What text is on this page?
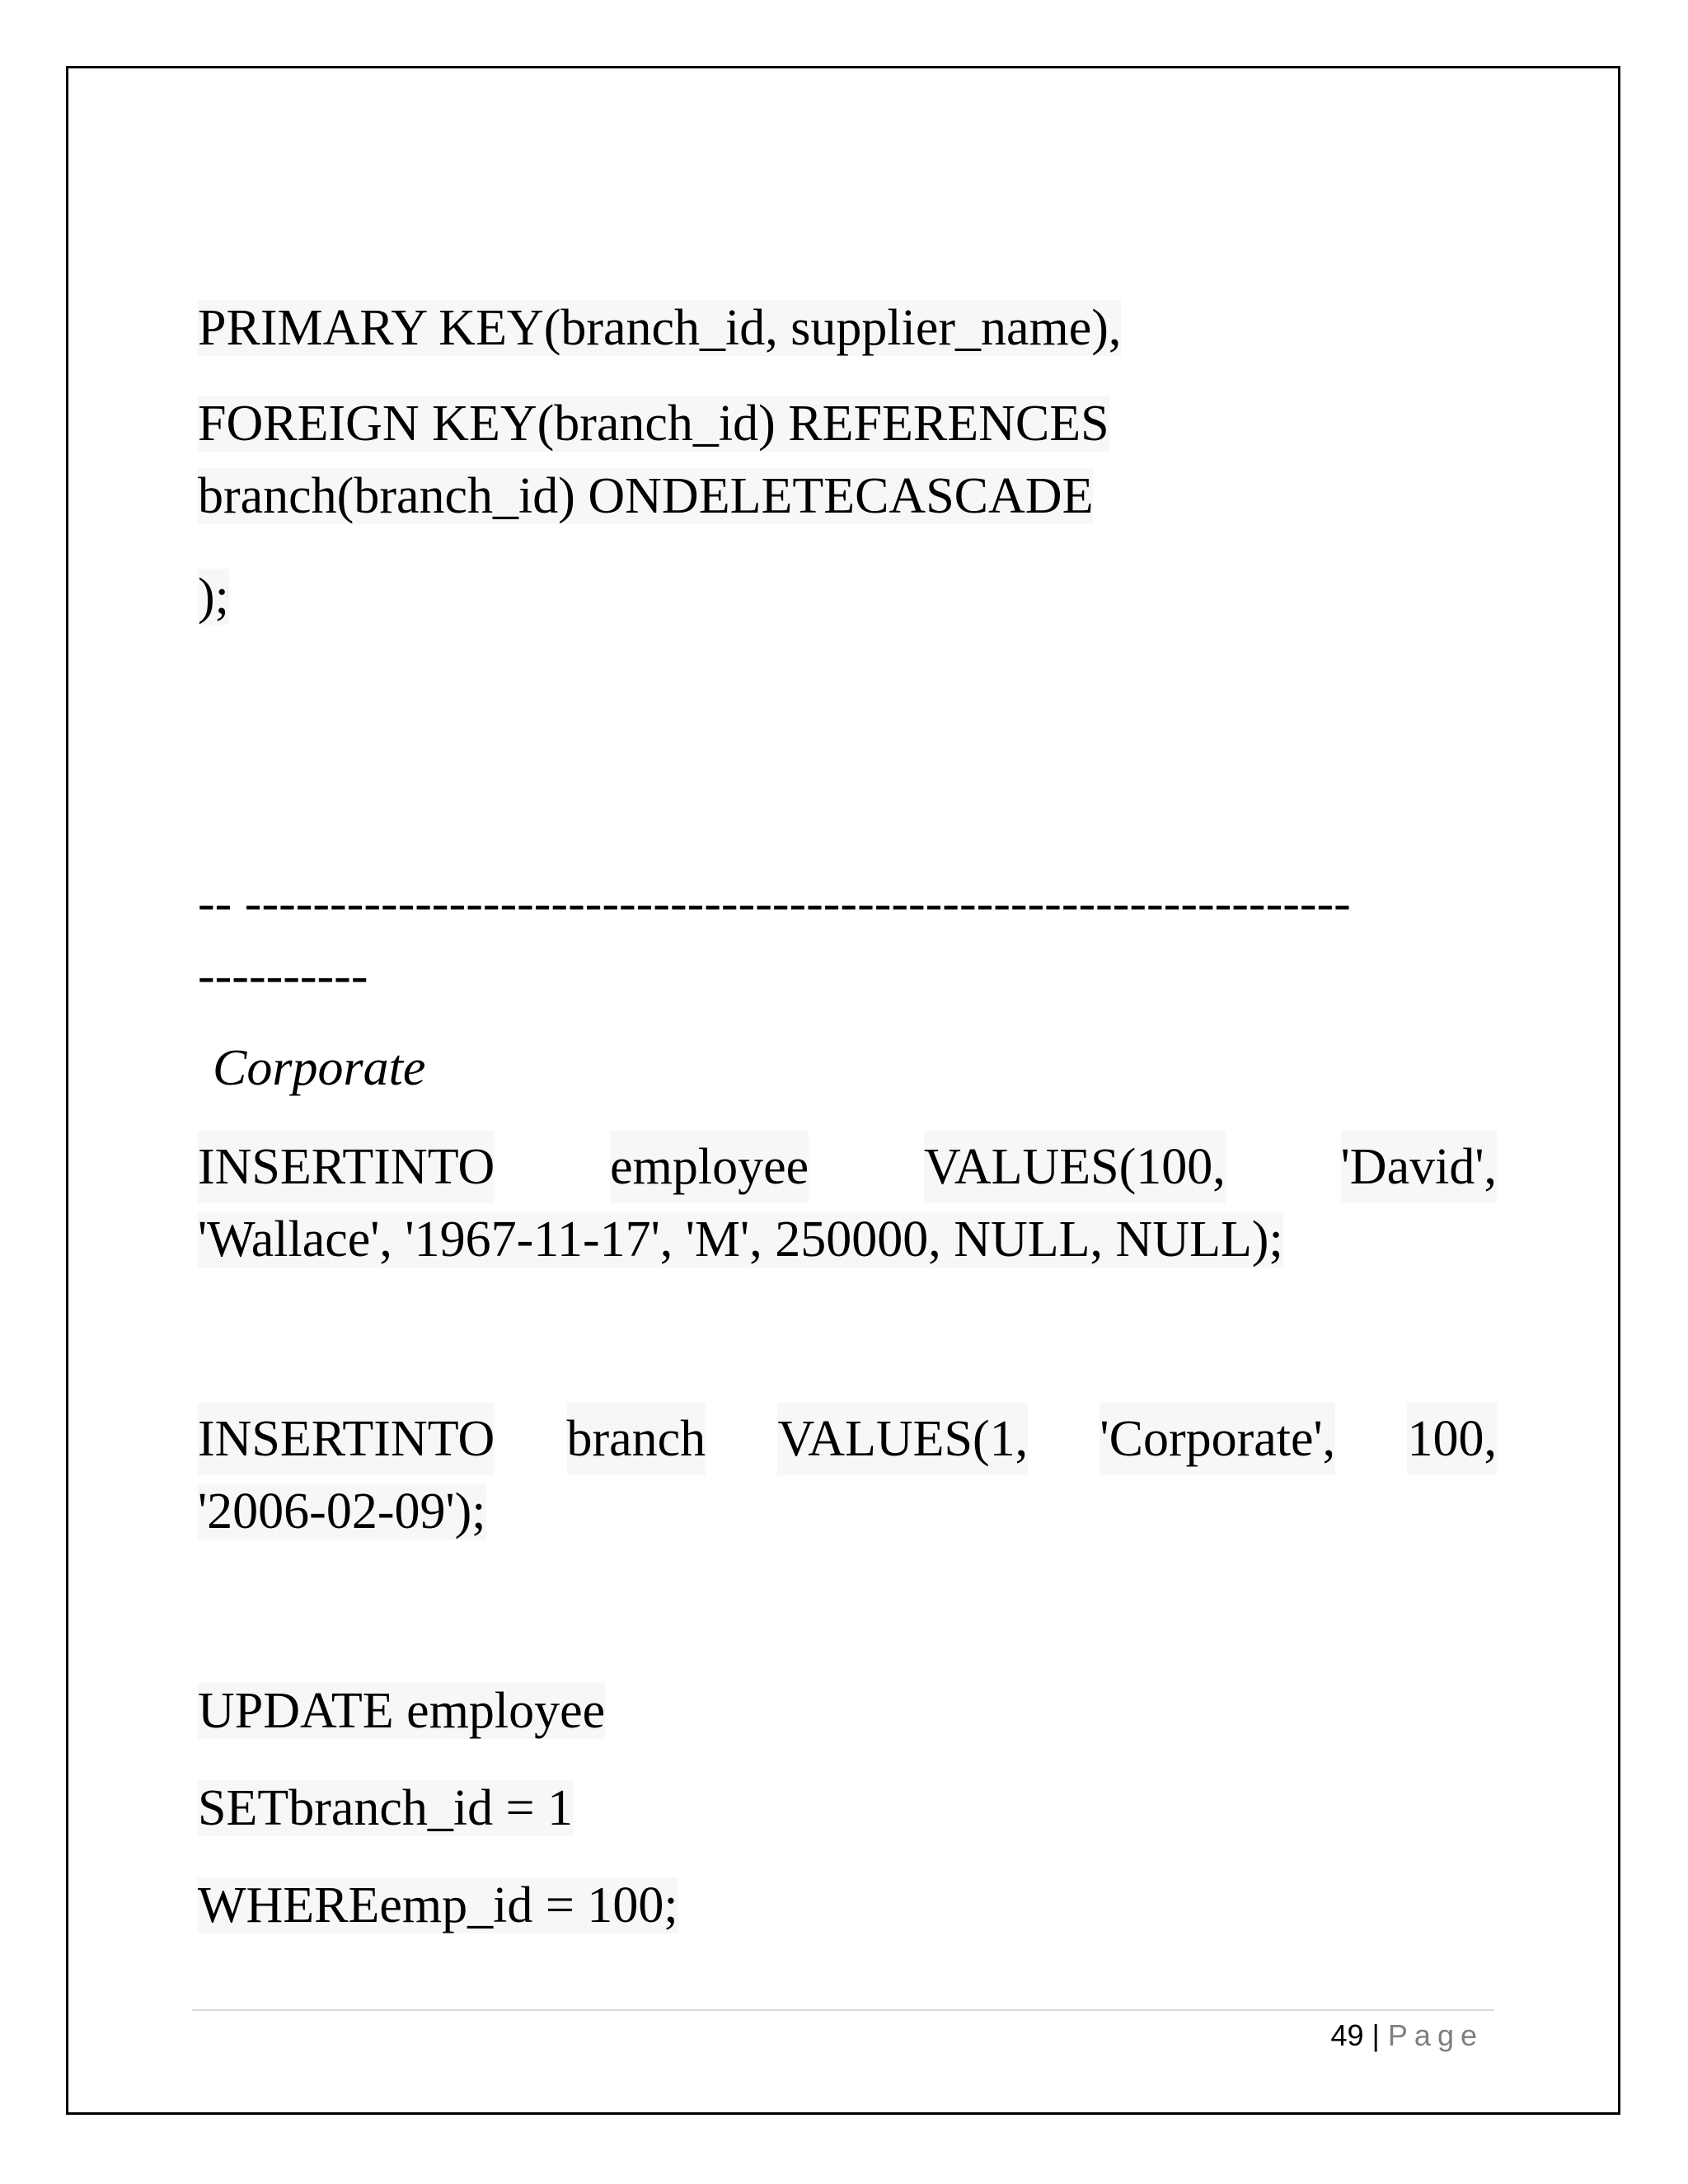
PRIMARY KEY(branch_id, supplier_name),
FOREIGN KEY(branch_id) REFERENCES
branch(branch_id) ONDELETECASCADE
);
-- -----------------------------------------------------------------
----------
Corporate
INSERTINTO employee VALUES(100, 'David',
'Wallace', '1967-11-17', 'M', 250000, NULL, NULL);
INSERTINTO branch VALUES(1, 'Corporate', 100,
'2006-02-09');
UPDATE employee
SETbranch_id = 1
WHEREemp_id = 100;
49 | Page
